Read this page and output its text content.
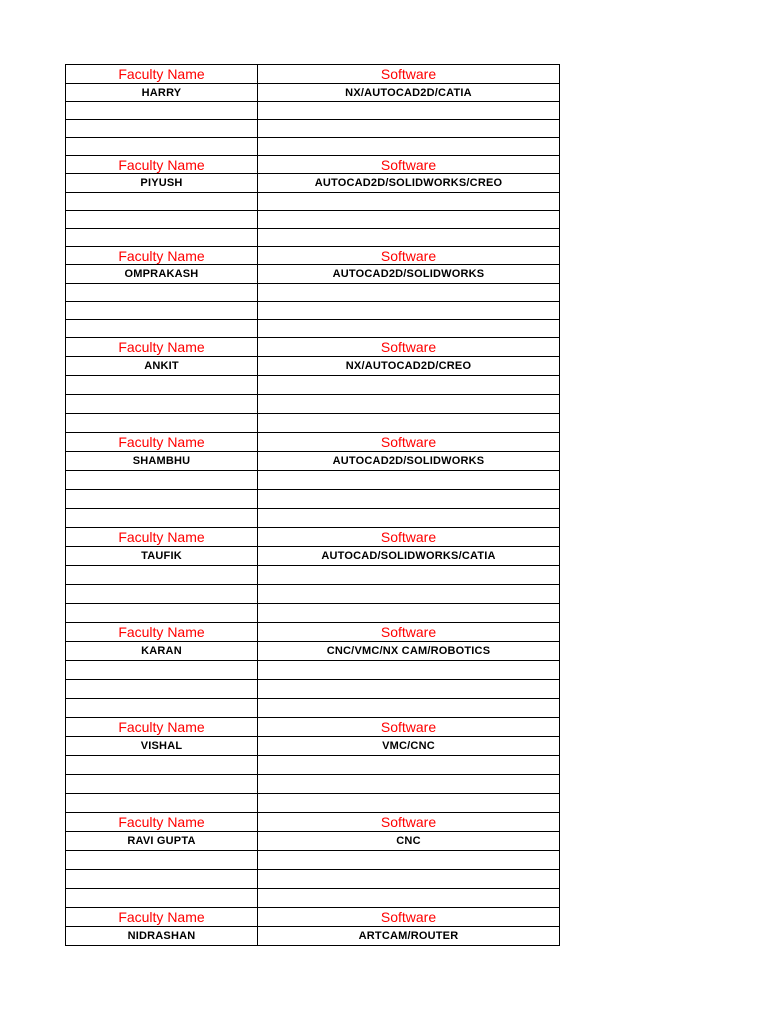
Faculty Name	Software
HARRY	NX/AUTOCAD2D/CATIA
Faculty Name	Software
PIYUSH	AUTOCAD2D/SOLIDWORKS/CREO
Faculty Name	Software
OMPRAKASH	AUTOCAD2D/SOLIDWORKS
Faculty Name	Software
ANKIT	NX/AUTOCAD2D/CREO
Faculty Name	Software
SHAMBHU	AUTOCAD2D/SOLIDWORKS
Faculty Name	Software
TAUFIK	AUTOCAD/SOLIDWORKS/CATIA
Faculty Name	Software
KARAN	CNC/VMC/NX CAM/ROBOTICS
Faculty Name	Software
VISHAL	VMC/CNC
Faculty Name	Software
RAVI GUPTA	CNC
Faculty Name	Software
NIDRASHAN	ARTCAM/ROUTER
